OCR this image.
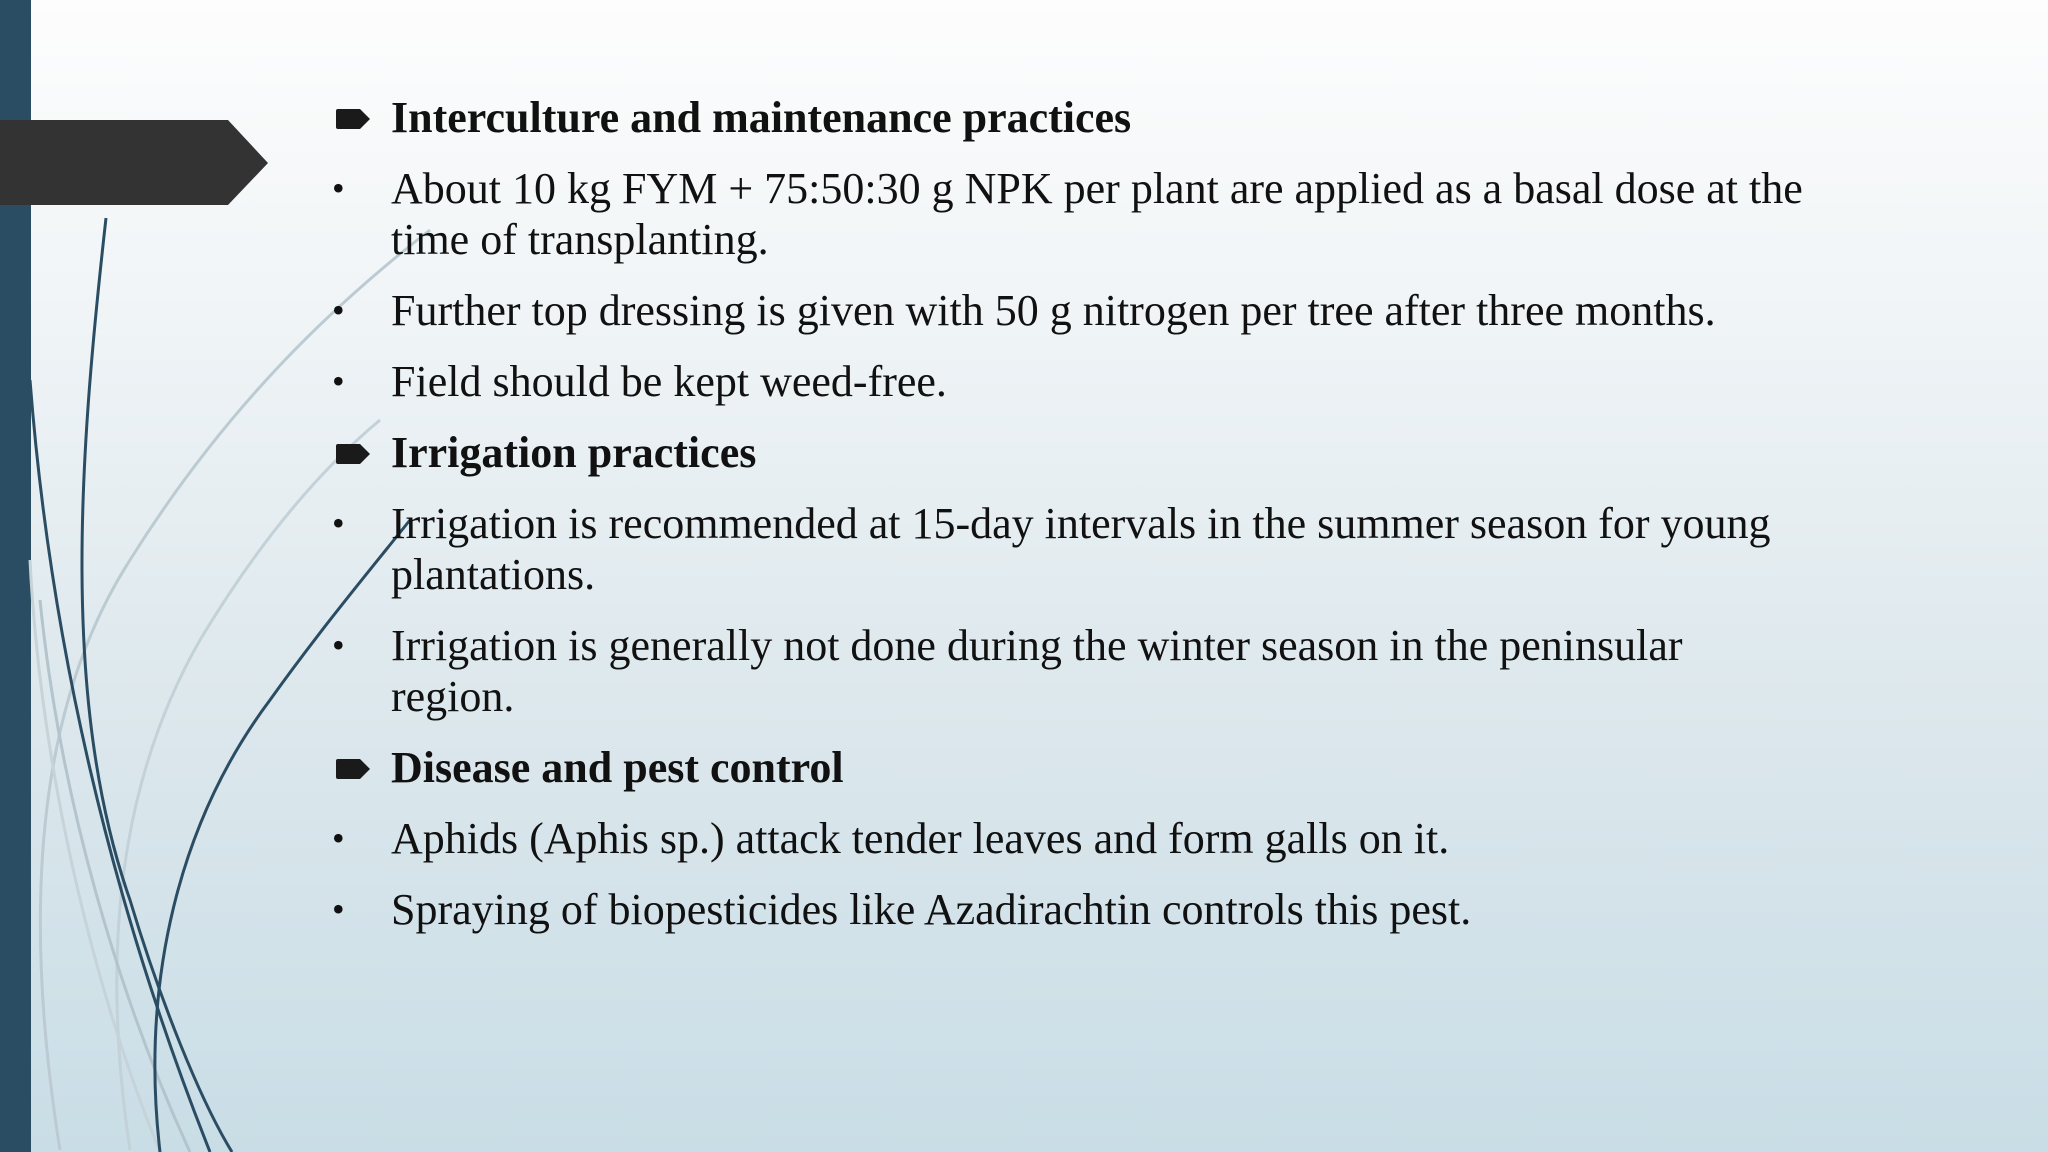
Interculture and maintenance practices
•	About 10 kg FYM + 75:50:30 g NPK per plant are applied as a basal dose at the time of transplanting.
•	Further top dressing is given with 50 g nitrogen per tree after three months.
•	Field should be kept weed-free.
Irrigation practices
•	Irrigation is recommended at 15-day intervals in the summer season for young plantations.
•	Irrigation is generally not done during the winter season in the peninsular region.
Disease and pest control
•	Aphids (Aphis sp.) attack tender leaves and form galls on it.
•	Spraying of biopesticides like Azadirachtin controls this pest.
